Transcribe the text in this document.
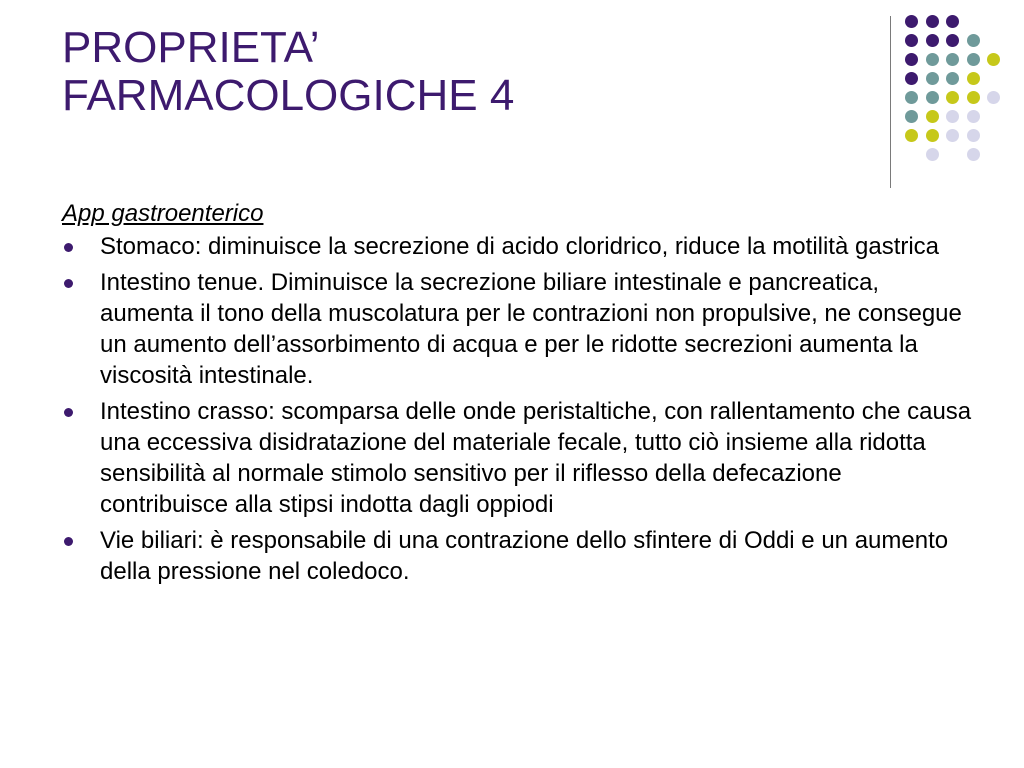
PROPRIETA’
FARMACOLOGICHE 4

App gastroenterico

Stomaco: diminuisce la secrezione di acido cloridrico, riduce la motilità gastrica
Intestino tenue. Diminuisce la secrezione biliare intestinale e pancreatica, aumenta il tono della muscolatura per le contrazioni non propulsive, ne consegue un aumento dell’assorbimento di acqua e per le ridotte secrezioni aumenta la viscosità intestinale.
Intestino crasso: scomparsa delle onde peristaltiche, con rallentamento che causa una eccessiva disidratazione del materiale fecale, tutto ciò insieme alla ridotta sensibilità al normale stimolo sensitivo per il riflesso della defecazione contribuisce alla stipsi indotta dagli oppiodi
Vie biliari: è responsabile di una contrazione dello sfintere di Oddi e un aumento della pressione nel coledoco.
